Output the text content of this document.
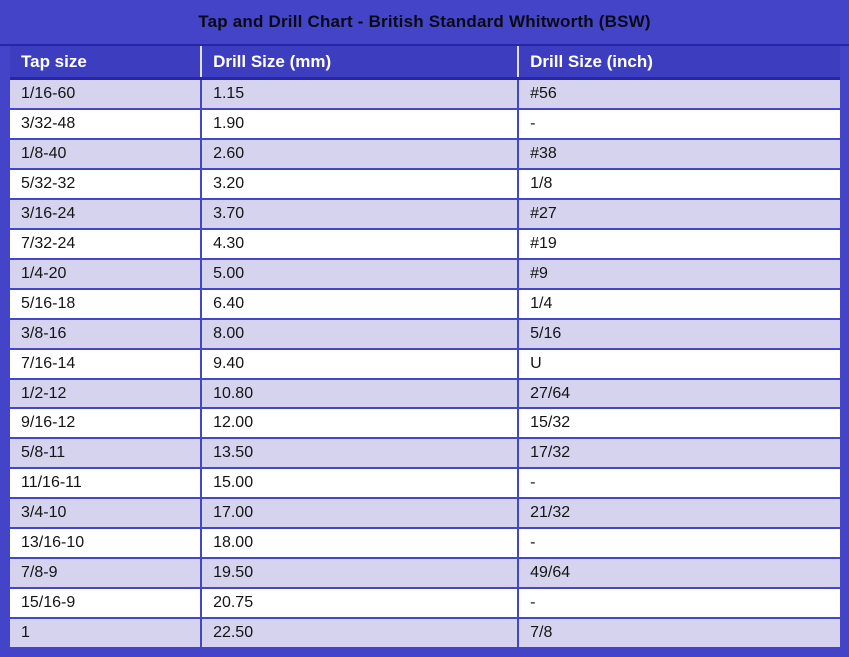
Tap and Drill Chart - British Standard Whitworth (BSW)
Tap size	Drill Size (mm)	Drill Size (inch)
1/16-60	1.15	#56
3/32-48	1.90	-
1/8-40	2.60	#38
5/32-32	3.20	1/8
3/16-24	3.70	#27
7/32-24	4.30	#19
1/4-20	5.00	#9
5/16-18	6.40	1/4
3/8-16	8.00	5/16
7/16-14	9.40	U
1/2-12	10.80	27/64
9/16-12	12.00	15/32
5/8-11	13.50	17/32
11/16-11	15.00	-
3/4-10	17.00	21/32
13/16-10	18.00	-
7/8-9	19.50	49/64
15/16-9	20.75	-
1	22.50	7/8
